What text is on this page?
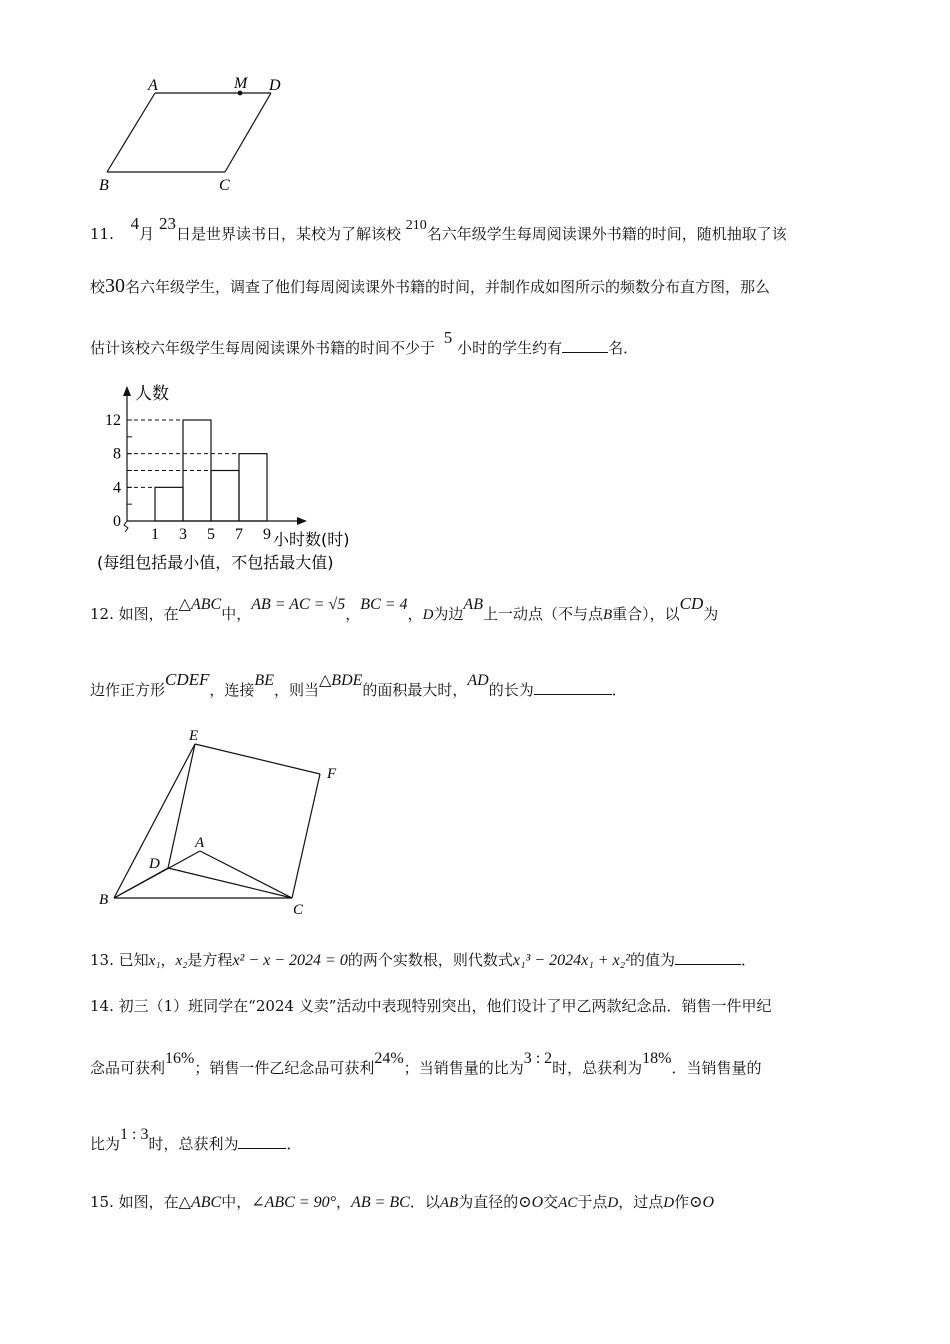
A	M D
B	C
11. 4月 23日是世界读书日，某校为了解该校 210名六年级学生每周阅读课外书籍的时间，随机抽取了该
校30名六年级学生，调查了他们每周阅读课外书籍的时间，并制作成如图所示的频数分布直方图，那么
估计该校六年级学生每周阅读课外书籍的时间不少于 5 小时的学生约有	名．
0
4
8
12
1 3 5 7 9
人数
小时数(时)
(每组包括最小值，不包括最大值)
12. 如图，在△ABC中，AB = AC = √5，BC = 4，D为边AB上一动点（不与点B重合），以CD为
边作正方形CDEF，连接BE，则当△BDE的面积最大时，AD的长为	．
E
F
A
D
B
C
13. 已知x₁，x₂是方程x² − x − 2024 = 0的两个实数根，则代数式x₁³ − 2024x₁ + x₂²的值为	．
14. 初三（1）班同学在“2024 义卖”活动中表现特别突出，他们设计了甲乙两款纪念品．销售一件甲纪
念品可获利16%；销售一件乙纪念品可获利24%；当销售量的比为3 : 2时，总获利为18%．当销售量的
比为1 : 3时，总获利为	．
15. 如图，在△ABC中，∠ABC = 90°，AB = BC．以AB为直径的⊙O交AC于点D，过点D作⊙O
